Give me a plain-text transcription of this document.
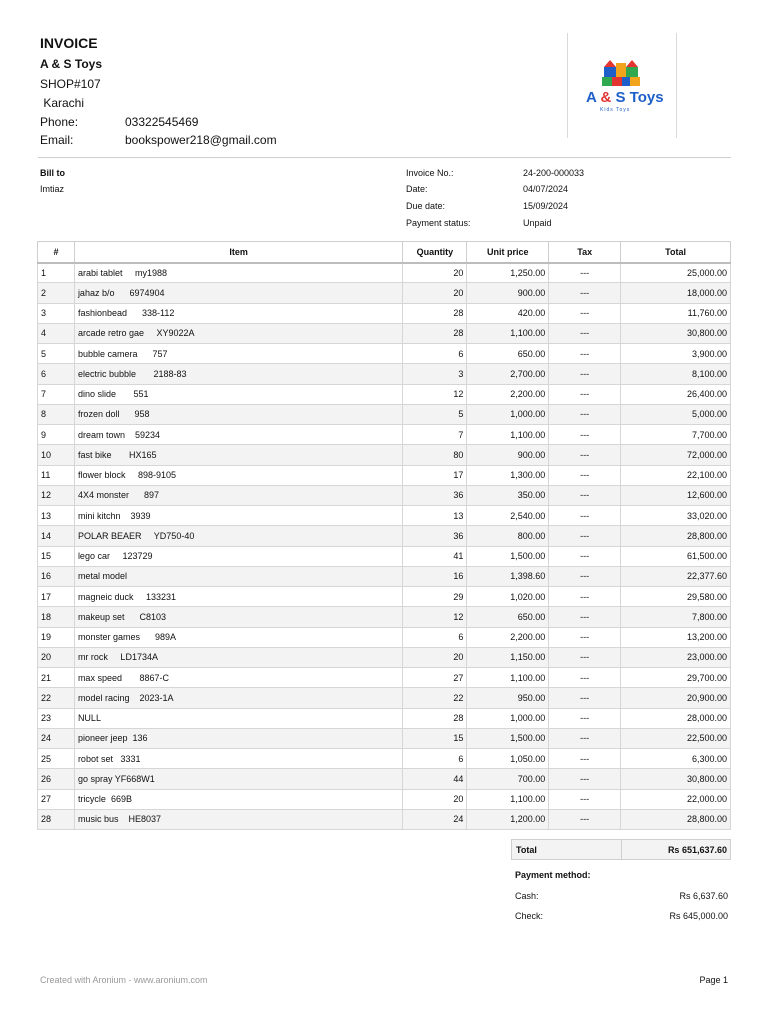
INVOICE
A & S Toys
SHOP#107
Karachi
Phone:	03322545469
Email:	bookspower218@gmail.com
A & S Toys
Kids Toys
Bill to
Imtiaz
Invoice No.:	24-200-000033
Date:	04/07/2024
Due date:	15/09/2024
Payment status:	Unpaid
#	Item	Quantity	Unit price	Tax	Total
1	arabi tablet     my1988	20	1,250.00	---	25,000.00
2	jahaz b/o      6974904	20	900.00	---	18,000.00
3	fashionbead      338-112	28	420.00	---	11,760.00
4	arcade retro gae     XY9022A	28	1,100.00	---	30,800.00
5	bubble camera      757	6	650.00	---	3,900.00
6	electric bubble       2188-83	3	2,700.00	---	8,100.00
7	dino slide       551	12	2,200.00	---	26,400.00
8	frozen doll      958	5	1,000.00	---	5,000.00
9	dream town    59234	7	1,100.00	---	7,700.00
10	fast bike       HX165	80	900.00	---	72,000.00
11	flower block     898-9105	17	1,300.00	---	22,100.00
12	4X4 monster      897	36	350.00	---	12,600.00
13	mini kitchn    3939	13	2,540.00	---	33,020.00
14	POLAR BEAER     YD750-40	36	800.00	---	28,800.00
15	lego car     123729	41	1,500.00	---	61,500.00
16	metal model	16	1,398.60	---	22,377.60
17	magneic duck     133231	29	1,020.00	---	29,580.00
18	makeup set      C8103	12	650.00	---	7,800.00
19	monster games      989A	6	2,200.00	---	13,200.00
20	mr rock     LD1734A	20	1,150.00	---	23,000.00
21	max speed       8867-C	27	1,100.00	---	29,700.00
22	model racing    2023-1A	22	950.00	---	20,900.00
23	NULL	28	1,000.00	---	28,000.00
24	pioneer jeep  136	15	1,500.00	---	22,500.00
25	robot set   3331	6	1,050.00	---	6,300.00
26	go spray YF668W1	44	700.00	---	30,800.00
27	tricycle  669B	20	1,100.00	---	22,000.00
28	music bus    HE8037	24	1,200.00	---	28,800.00
Total	Rs 651,637.60
Payment method:
Cash:	Rs 6,637.60
Check:	Rs 645,000.00
Created with Aronium - www.aronium.com	Page 1
